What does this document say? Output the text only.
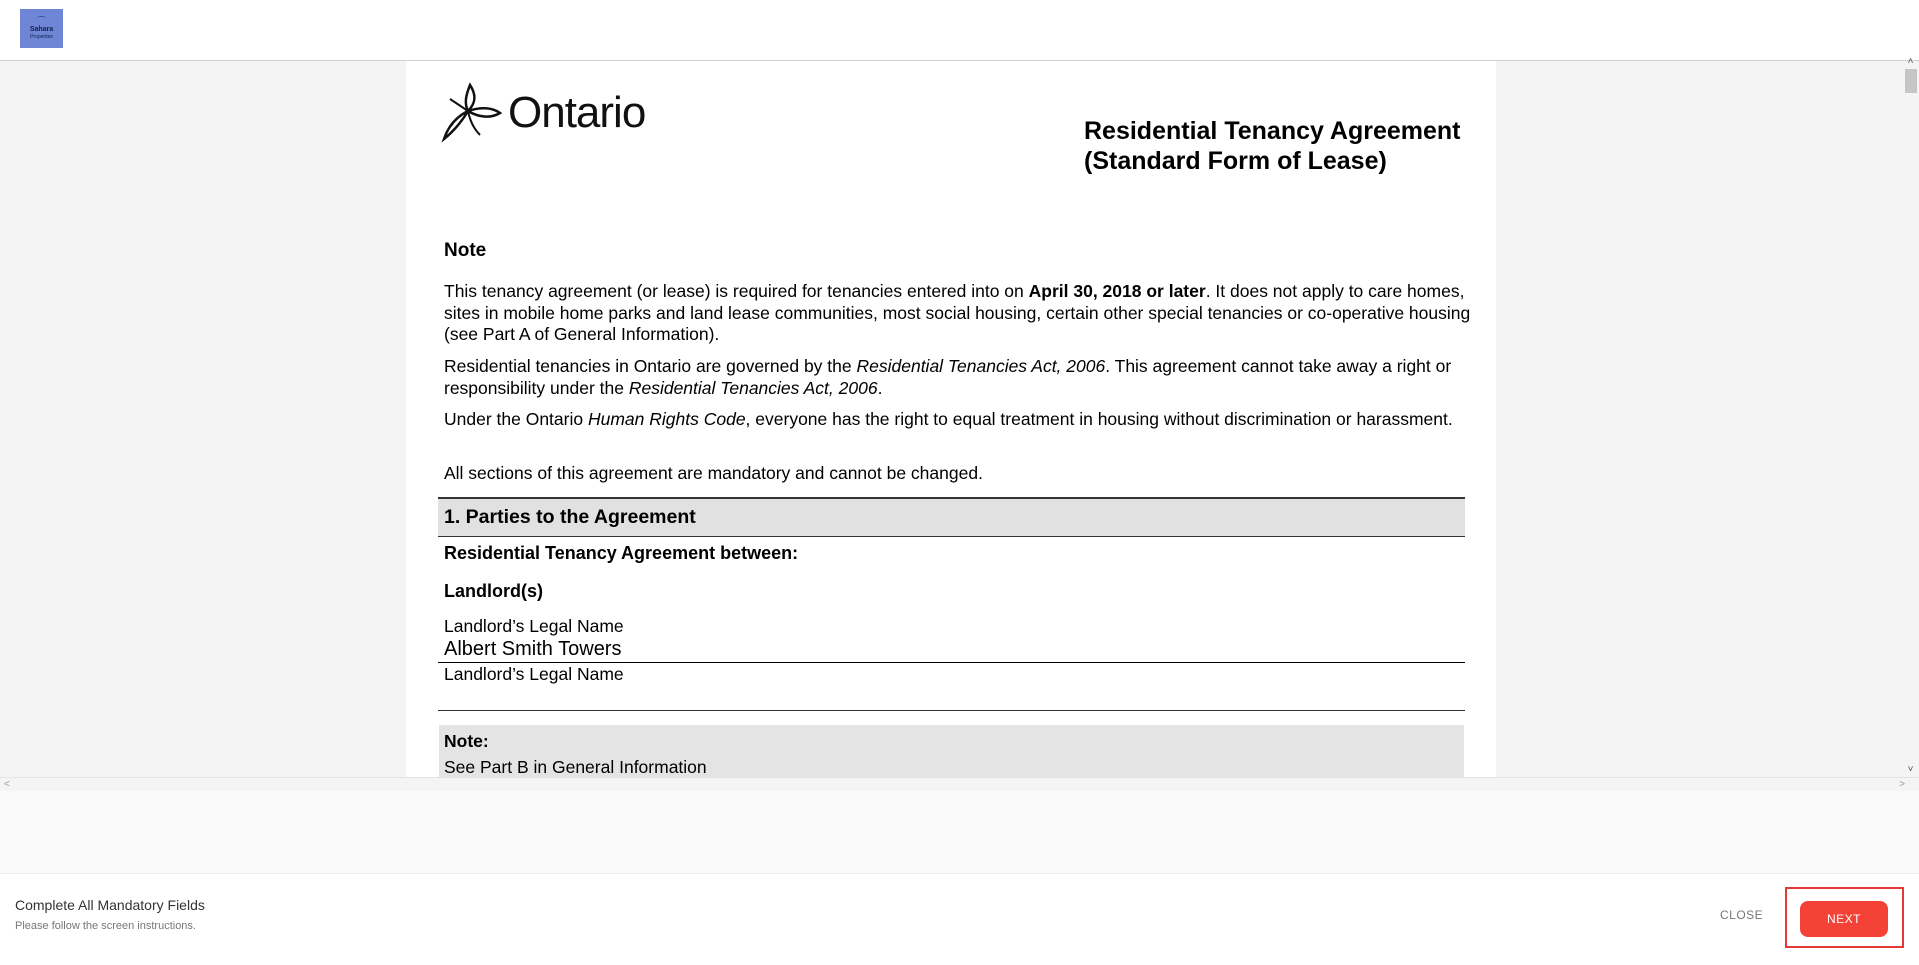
⌒
Sahara
Properties
Ontario	Residential Tenancy Agreement
(Standard Form of Lease)
Note
This tenancy agreement (or lease) is required for tenancies entered into on April 30, 2018 or later. It does not apply to care homes, sites in mobile home parks and land lease communities, most social housing, certain other special tenancies or co-operative housing (see Part A of General Information).
Residential tenancies in Ontario are governed by the Residential Tenancies Act, 2006. This agreement cannot take away a right or responsibility under the Residential Tenancies Act, 2006.
Under the Ontario Human Rights Code, everyone has the right to equal treatment in housing without discrimination or harassment.
All sections of this agreement are mandatory and cannot be changed.
1. Parties to the Agreement
Residential Tenancy Agreement between:
Landlord(s)
Landlord’s Legal Name
Albert Smith Towers
Landlord’s Legal Name
Note:
See Part B in General Information
˄
˅
˂	˃
Complete All Mandatory Fields
Please follow the screen instructions.
CLOSE	NEXT
